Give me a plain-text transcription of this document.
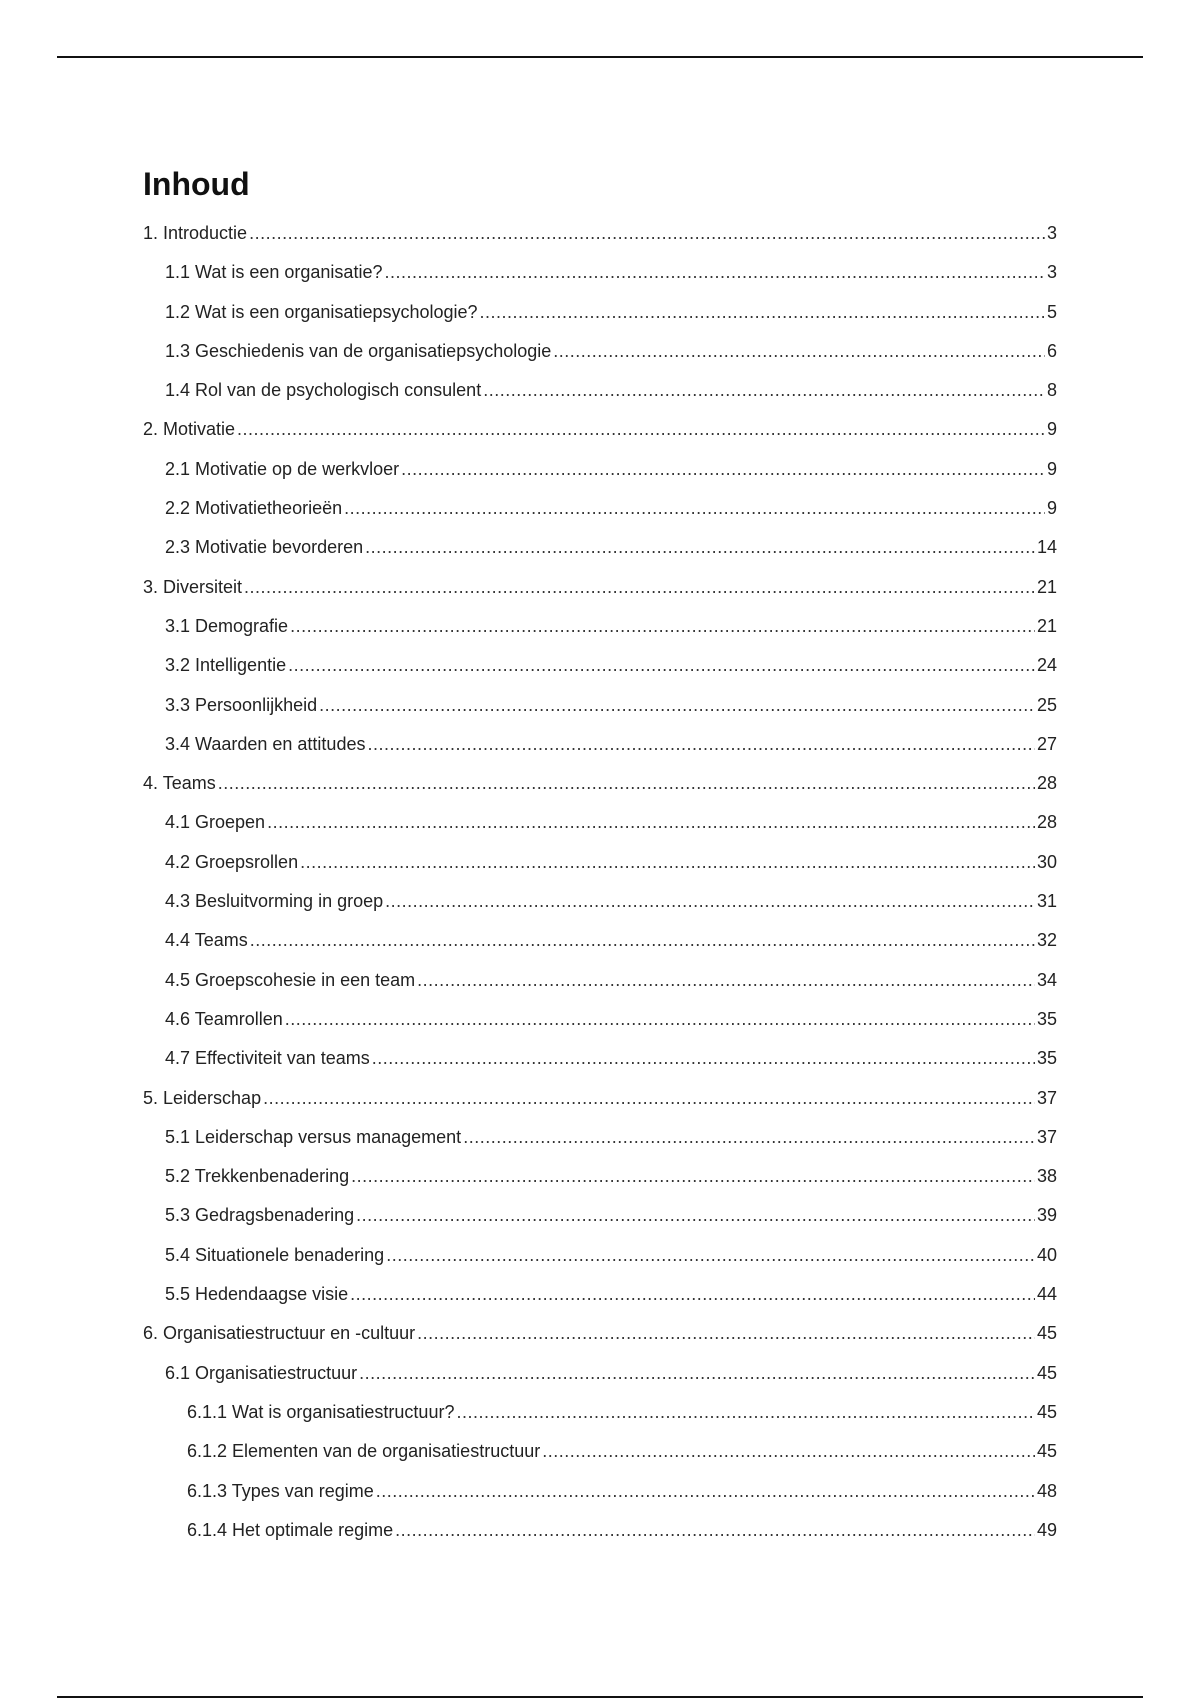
Inhoud
1. Introductie .....	3
1.1 Wat is een organisatie? .....	3
1.2 Wat is een organisatiepsychologie? .....	5
1.3 Geschiedenis van de organisatiepsychologie .....	6
1.4 Rol van de psychologisch consulent .....	8
2. Motivatie .....	9
2.1 Motivatie op de werkvloer .....	9
2.2 Motivatietheorieën .....	9
2.3 Motivatie bevorderen .....	14
3. Diversiteit .....	21
3.1 Demografie .....	21
3.2 Intelligentie .....	24
3.3 Persoonlijkheid .....	25
3.4 Waarden en attitudes .....	27
4. Teams .....	28
4.1 Groepen .....	28
4.2 Groepsrollen .....	30
4.3 Besluitvorming in groep .....	31
4.4 Teams .....	32
4.5 Groepscohesie in een team .....	34
4.6 Teamrollen .....	35
4.7 Effectiviteit van teams .....	35
5. Leiderschap .....	37
5.1 Leiderschap versus management .....	37
5.2 Trekkenbenadering .....	38
5.3 Gedragsbenadering .....	39
5.4 Situationele benadering .....	40
5.5 Hedendaagse visie .....	44
6. Organisatiestructuur en -cultuur .....	45
6.1 Organisatiestructuur .....	45
6.1.1 Wat is organisatiestructuur? .....	45
6.1.2 Elementen van de organisatiestructuur .....	45
6.1.3 Types van regime .....	48
6.1.4 Het optimale regime .....	49
